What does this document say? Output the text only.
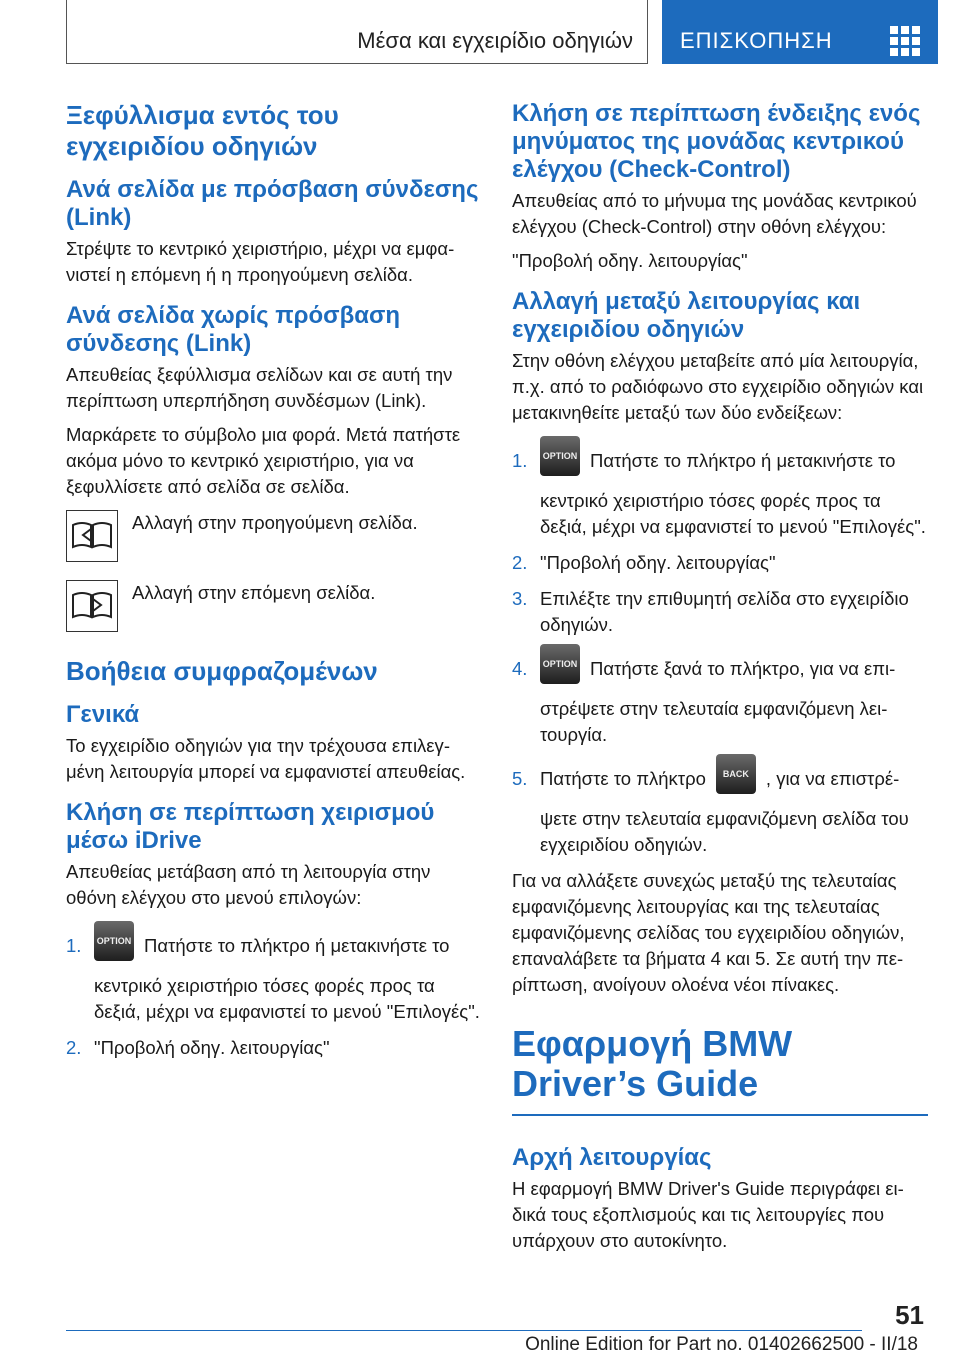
Μέσα και εγχειρίδιο οδηγιών ΕΠΙΣΚΟΠΗΣΗ
Ξεφύλλισμα εντός του εγχειριδίου οδηγιών
Ανά σελίδα με πρόσβαση σύνδεσης (Link)

Στρέψτε το κεντρικό χειριστήριο, μέχρι να εμφανιστεί η επόμενη ή η προηγούμενη σελίδα.

Ανά σελίδα χωρίς πρόσβαση σύνδεσης (Link)

Απευθείας ξεφύλλισμα σελίδων και σε αυτή την περίπτωση υπερπήδηση συνδέσμων (Link).

Μαρκάρετε το σύμβολο μια φορά. Μετά πατήστε ακόμα μόνο το κεντρικό χειριστήριο, για να ξεφυλλίσετε από σελίδα σε σελίδα.

Αλλαγή στην προηγούμενη σελίδα.

Αλλαγή στην επόμενη σελίδα.

Βοήθεια συμφραζομένων
Γενικά

Το εγχειρίδιο οδηγιών για την τρέχουσα επιλεγμένη λειτουργία μπορεί να εμφανιστεί απευθείας.

Κλήση σε περίπτωση χειρισμού μέσω iDrive

Απευθείας μετάβαση από τη λειτουργία στην οθόνη ελέγχου στο μενού επιλογών:

1. OPTION Πατήστε το πλήκτρο ή μετακινήστε το κεντρικό χειριστήριο τόσες φορές προς τα δεξιά, μέχρι να εμφανιστεί το μενού "Επιλογές".
2. "Προβολή οδηγ. λειτουργίας"
Κλήση σε περίπτωση ένδειξης ενός μηνύματος της μονάδας κεντρικού ελέγχου (Check-Control)

Απευθείας από το μήνυμα της μονάδας κεντρικού ελέγχου (Check-Control) στην οθόνη ελέγχου:

"Προβολή οδηγ. λειτουργίας"

Αλλαγή μεταξύ λειτουργίας και εγχειριδίου οδηγιών

Στην οθόνη ελέγχου μεταβείτε από μία λειτουργία, π.χ. από το ραδιόφωνο στο εγχειρίδιο οδηγιών και μετακινηθείτε μεταξύ των δύο ενδείξεων:

1. OPTION Πατήστε το πλήκτρο ή μετακινήστε το κεντρικό χειριστήριο τόσες φορές προς τα δεξιά, μέχρι να εμφανιστεί το μενού "Επιλογές".
2. "Προβολή οδηγ. λειτουργίας"
3. Επιλέξτε την επιθυμητή σελίδα στο εγχειρίδιο οδηγιών.
4. OPTION Πατήστε ξανά το πλήκτρο, για να επιστρέψετε στην τελευταία εμφανιζόμενη λειτουργία.
5. Πατήστε το πλήκτρο BACK , για να επιστρέψετε στην τελευταία εμφανιζόμενη σελίδα του εγχειριδίου οδηγιών.

Για να αλλάξετε συνεχώς μεταξύ της τελευταίας εμφανιζόμενης λειτουργίας και της τελευταίας εμφανιζόμενης σελίδας του εγχειριδίου οδηγιών, επαναλάβετε τα βήματα 4 και 5. Σε αυτή την περίπτωση, ανοίγουν ολοένα νέοι πίνακες.

Εφαρμογή BMW Driver’s Guide
Αρχή λειτουργίας

Η εφαρμογή BMW Driver's Guide περιγράφει ειδικά τους εξοπλισμούς και τις λειτουργίες που υπάρχουν στο αυτοκίνητο.

51
Online Edition for Part no. 01402662500 - II/18
